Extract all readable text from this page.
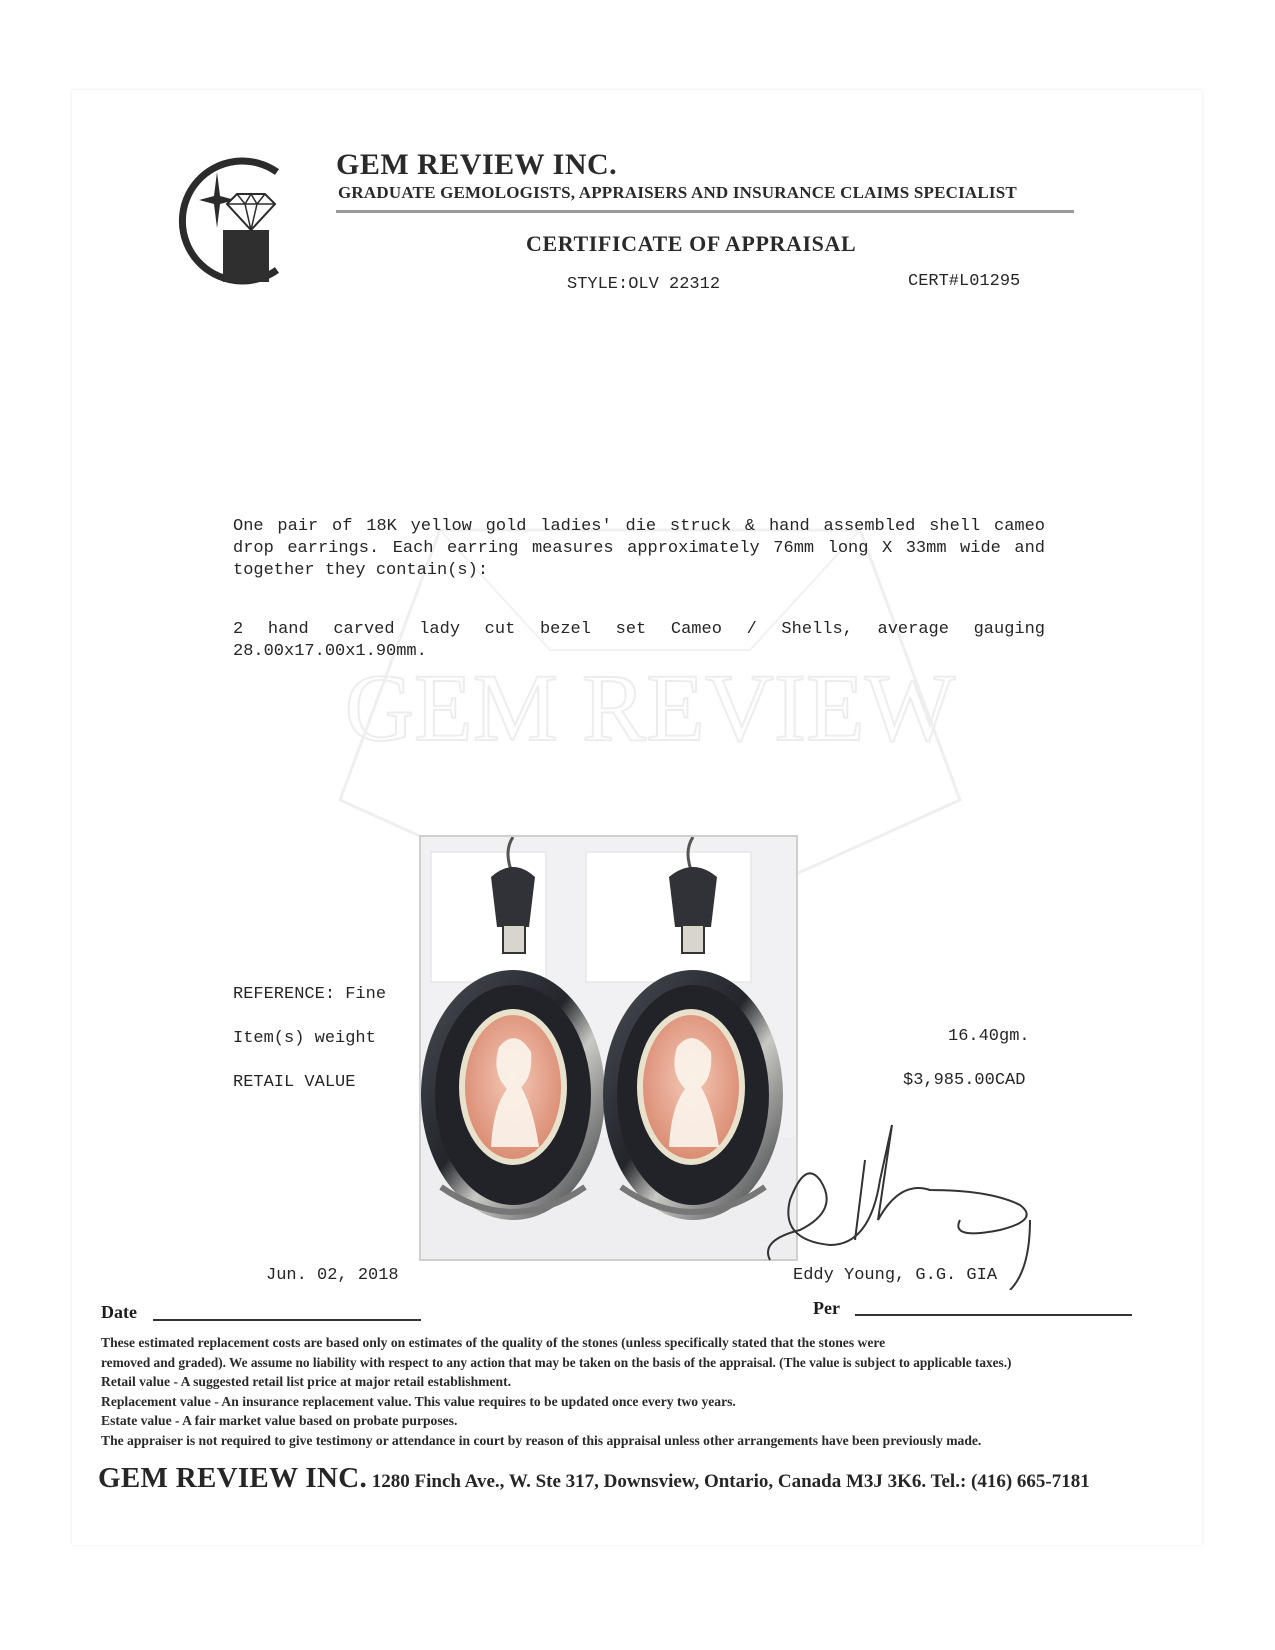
GEM REVIEW
GEM REVIEW INC.
GRADUATE GEMOLOGISTS, APPRAISERS AND INSURANCE CLAIMS SPECIALIST
CERTIFICATE OF APPRAISAL
STYLE:OLV 22312	CERT#L01295
One pair of 18K yellow gold ladies' die struck & hand assembled shell cameo drop earrings. Each earring measures approximately 76mm long X 33mm wide and together they contain(s):
2 hand carved lady cut bezel set Cameo / Shells, average gauging 28.00x17.00x1.90mm.
REFERENCE: Fine
Item(s) weight	16.40gm.
RETAIL VALUE	$3,985.00CAD
Jun. 02, 2018	Eddy Young, G.G. GIA
Date	Per
These estimated replacement costs are based only on estimates of the quality of the stones (unless specifically stated that the stones were
removed and graded). We assume no liability with respect to any action that may be taken on the basis of the appraisal. (The value is subject to applicable taxes.)
Retail value - A suggested retail list price at major retail establishment.
Replacement value - An insurance replacement value. This value requires to be updated once every two years.
Estate value - A fair market value based on probate purposes.
The appraiser is not required to give testimony or attendance in court by reason of this appraisal unless other arrangements have been previously made.
GEM REVIEW INC. 1280 Finch Ave., W. Ste 317, Downsview, Ontario, Canada M3J 3K6. Tel.: (416) 665-7181
